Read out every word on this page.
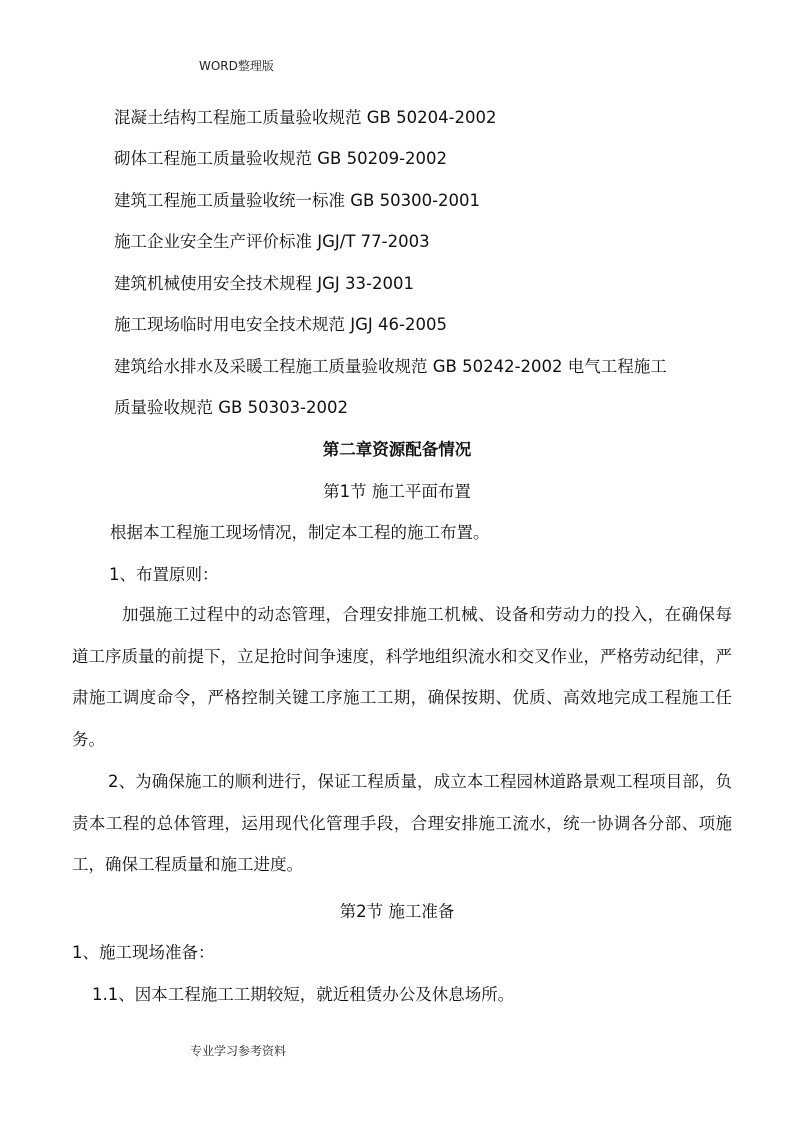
WORD整理版
混凝土结构工程施工质量验收规范 GB 50204-2002
砌体工程施工质量验收规范 GB 50209-2002
建筑工程施工质量验收统一标准 GB 50300-2001
施工企业安全生产评价标准 JGJ/T 77-2003
建筑机械使用安全技术规程 JGJ 33-2001
施工现场临时用电安全技术规范 JGJ 46-2005
建筑给水排水及采暖工程施工质量验收规范 GB 50242-2002 电气工程施工
质量验收规范 GB 50303-2002
第二章资源配备情况
第1节 施工平面布置
根据本工程施工现场情况，制定本工程的施工布置。
1、布置原则：

加强施工过程中的动态管理，合理安排施工机械、设备和劳动力的投入，在确保每道工序质量的前提下，立足抢时间争速度，科学地组织流水和交叉作业，严格劳动纪律，严肃施工调度命令，严格控制关键工序施工工期，确保按期、优质、高效地完成工程施工任务。

2、为确保施工的顺利进行，保证工程质量，成立本工程园林道路景观工程项目部，负责本工程的总体管理，运用现代化管理手段，合理安排施工流水，统一协调各分部、项施工，确保工程质量和施工进度。

第2节 施工准备
1、施工现场准备：
1.1、因本工程施工工期较短，就近租赁办公及休息场所。
专业学习参考资料
